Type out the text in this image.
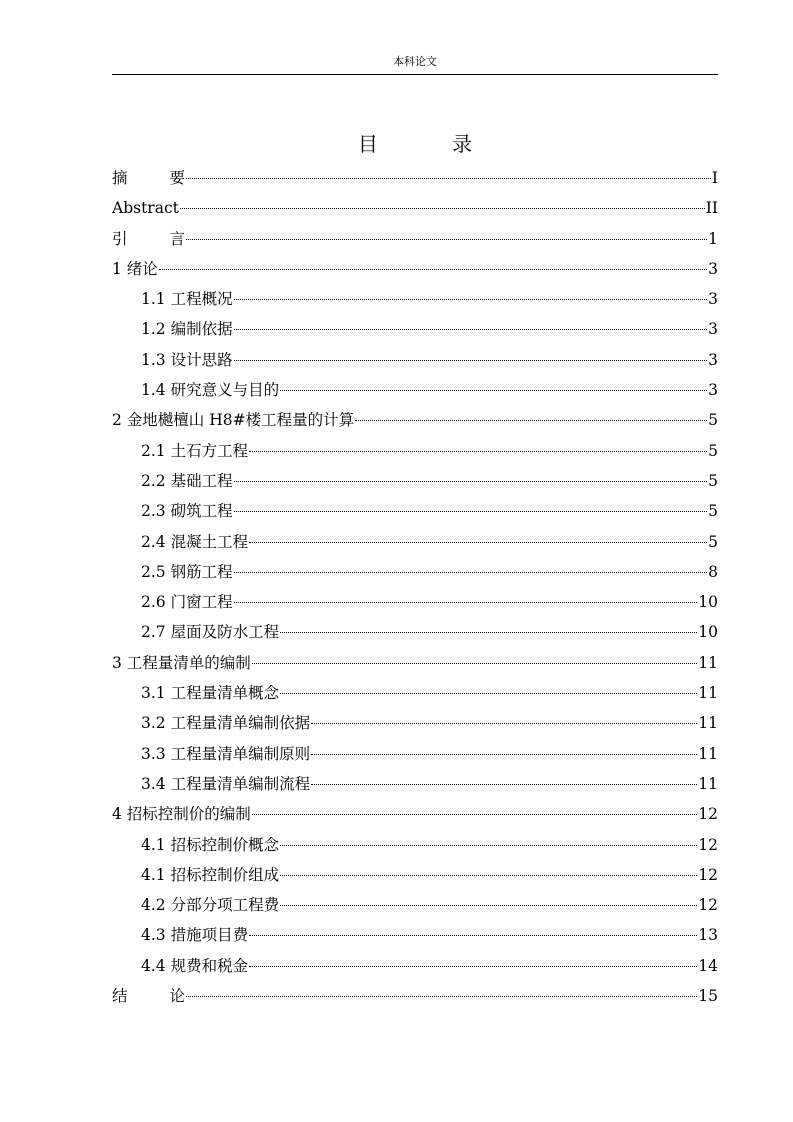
本科论文
目 录
摘	要	I
Abstract	II
引	言	1
1 绪论	3
1.1 工程概况	3
1.2 编制依据	3
1.3 设计思路	3
1.4 研究意义与目的	3
2 金地樾檀山 H8#楼工程量的计算	5
2.1 土石方工程	5
2.2 基础工程	5
2.3 砌筑工程	5
2.4 混凝土工程	5
2.5 钢筋工程	8
2.6 门窗工程	10
2.7 屋面及防水工程	10
3 工程量清单的编制	11
3.1 工程量清单概念	11
3.2 工程量清单编制依据	11
3.3 工程量清单编制原则	11
3.4 工程量清单编制流程	11
4 招标控制价的编制	12
4.1 招标控制价概念	12
4.1 招标控制价组成	12
4.2 分部分项工程费	12
4.3 措施项目费	13
4.4 规费和税金	14
结	论	15
